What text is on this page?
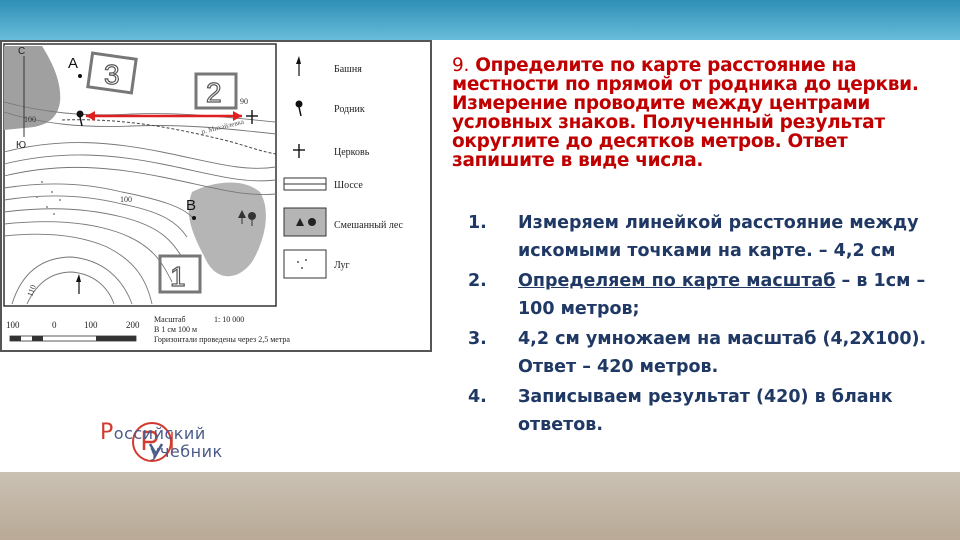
р. Михайлевка
100
90
100
110
С
Ю
А
В
3
2
1
Башня
Родник
Церковь
Шоссе
Смешанный лес
Луг
100	0	100	200
Масштаб	1: 10 000
В 1 см 100 м
Горизонтали проведены через 2,5 метра
9. Определите по карте расстояние на местности по прямой от родника до церкви. Измерение проводите между центрами условных знаков. Полученный результат округлите до десятков метров. Ответ запишите в виде числа.
1.	Измеряем линейкой расстояние между искомыми точками на карте. – 4,2 см
2.	Определяем по карте масштаб – в 1см – 100 метров;
3.	4,2 см умножаем на масштаб (4,2Х100). Ответ – 420 метров.
4.	Записываем результат (420) в бланк ответов.
Российский
учебник
